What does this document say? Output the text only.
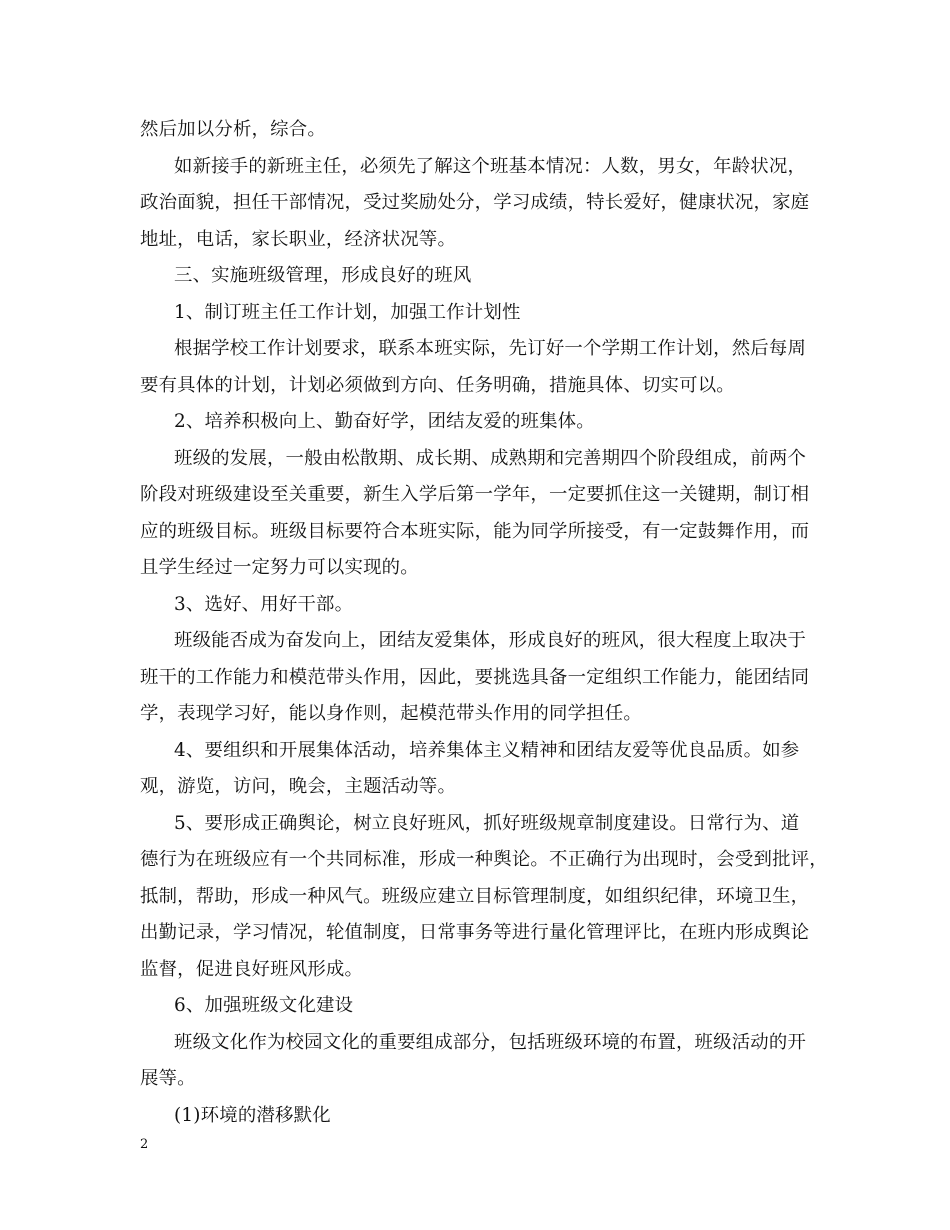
然后加以分析，综合。
如新接手的新班主任，必须先了解这个班基本情况：人数，男女，年龄状况，
政治面貌，担任干部情况，受过奖励处分，学习成绩，特长爱好，健康状况，家庭
地址，电话，家长职业，经济状况等。
三、实施班级管理，形成良好的班风
1、制订班主任工作计划，加强工作计划性
根据学校工作计划要求，联系本班实际，先订好一个学期工作计划，然后每周
要有具体的计划，计划必须做到方向、任务明确，措施具体、切实可以。
2、培养积极向上、勤奋好学，团结友爱的班集体。
班级的发展，一般由松散期、成长期、成熟期和完善期四个阶段组成，前两个
阶段对班级建设至关重要，新生入学后第一学年，一定要抓住这一关键期，制订相
应的班级目标。班级目标要符合本班实际，能为同学所接受，有一定鼓舞作用，而
且学生经过一定努力可以实现的。
3、选好、用好干部。
班级能否成为奋发向上，团结友爱集体，形成良好的班风，很大程度上取决于
班干的工作能力和模范带头作用，因此，要挑选具备一定组织工作能力，能团结同
学，表现学习好，能以身作则，起模范带头作用的同学担任。
4、要组织和开展集体活动，培养集体主义精神和团结友爱等优良品质。如参
观，游览，访问，晚会，主题活动等。
5、要形成正确舆论，树立良好班风，抓好班级规章制度建设。日常行为、道
德行为在班级应有一个共同标准，形成一种舆论。不正确行为出现时，会受到批评，
抵制，帮助，形成一种风气。班级应建立目标管理制度，如组织纪律，环境卫生，
出勤记录，学习情况，轮值制度，日常事务等进行量化管理评比，在班内形成舆论
监督，促进良好班风形成。
6、加强班级文化建设
班级文化作为校园文化的重要组成部分，包括班级环境的布置，班级活动的开
展等。
(1)环境的潜移默化
2
